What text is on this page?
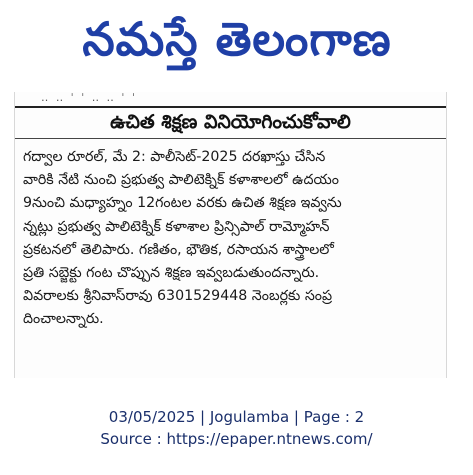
నమస్తే తెలంగాణ
‥ ‥ ˈ ˈ ‥ ‥ ˈ ˈ
ఉచిత శిక్షణ వినియోగించుకోవాలి
గద్వాల రూరల్, మే 2: పాలీసెట్-2025 దరఖాస్తు చేసిన
వారికి నేటి నుంచి ప్రభుత్వ పాలిటెక్నిక్ కళాశాలలో ఉదయం
9నుంచి మధ్యాహ్నం 12గంటల వరకు ఉచిత శిక్షణ ఇవ్వను
న్నట్లు ప్రభుత్వ పాలిటెక్నిక్ కళాశాల ప్రిన్సిపాల్ రామ్మోహన్
ప్రకటనలో తెలిపారు. గణితం, భౌతిక, రసాయన శాస్త్రాలలో
ప్రతి సబ్జెక్టు గంట చొప్పున శిక్షణ ఇవ్వబడుతుందన్నారు.
వివరాలకు శ్రీనివాస్‌రావు 6301529448 నెంబర్లకు సంప్ర
దించాలన్నారు.
03/05/2025 | Jogulamba | Page : 2
Source : https://epaper.ntnews.com/
